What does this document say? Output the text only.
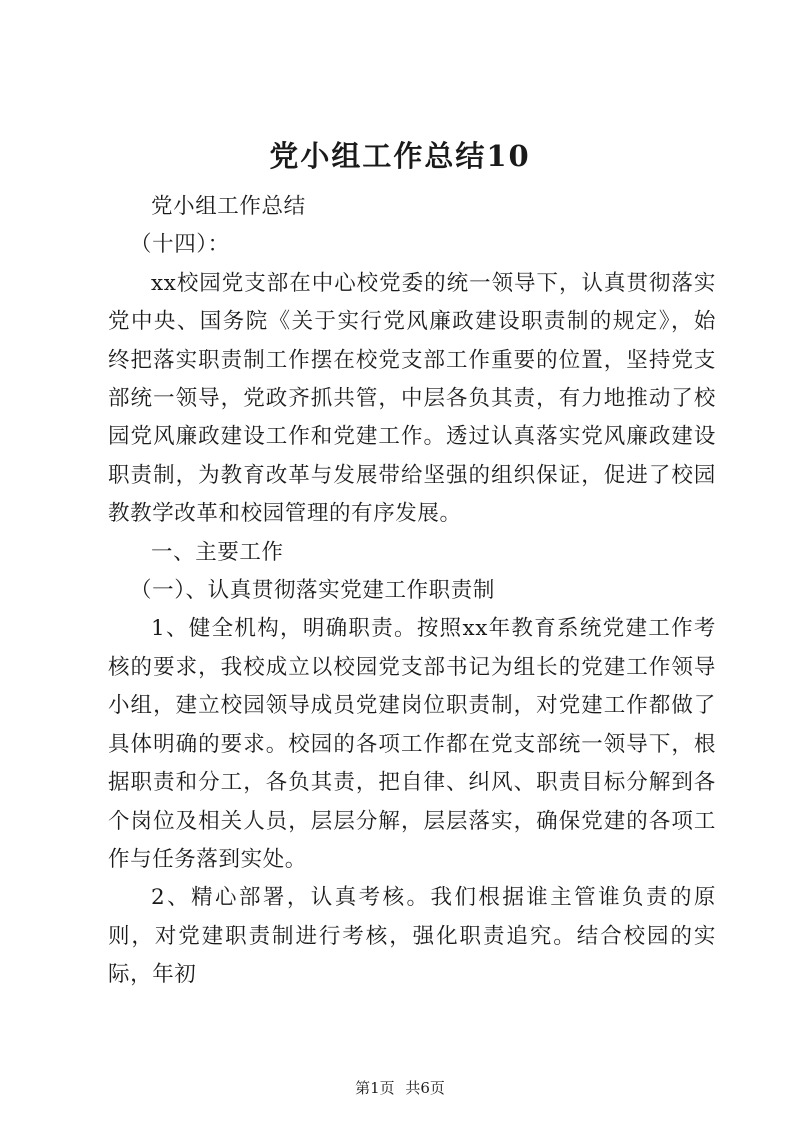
党小组工作总结10

党小组工作总结

（十四）：

xx校园党支部在中心校党委的统一领导下，认真贯彻落实党中央、国务院《关于实行党风廉政建设职责制的规定》，始终把落实职责制工作摆在校党支部工作重要的位置，坚持党支部统一领导，党政齐抓共管，中层各负其责，有力地推动了校园党风廉政建设工作和党建工作。透过认真落实党风廉政建设职责制，为教育改革与发展带给坚强的组织保证，促进了校园教教学改革和校园管理的有序发展。

一、主要工作

（一）、认真贯彻落实党建工作职责制

1、健全机构，明确职责。按照xx年教育系统党建工作考核的要求，我校成立以校园党支部书记为组长的党建工作领导小组，建立校园领导成员党建岗位职责制，对党建工作都做了具体明确的要求。校园的各项工作都在党支部统一领导下，根据职责和分工，各负其责，把自律、纠风、职责目标分解到各个岗位及相关人员，层层分解，层层落实，确保党建的各项工作与任务落到实处。

2、精心部署，认真考核。我们根据谁主管谁负责的原则，对党建职责制进行考核，强化职责追究。结合校园的实际，年初

第1页 共6页
